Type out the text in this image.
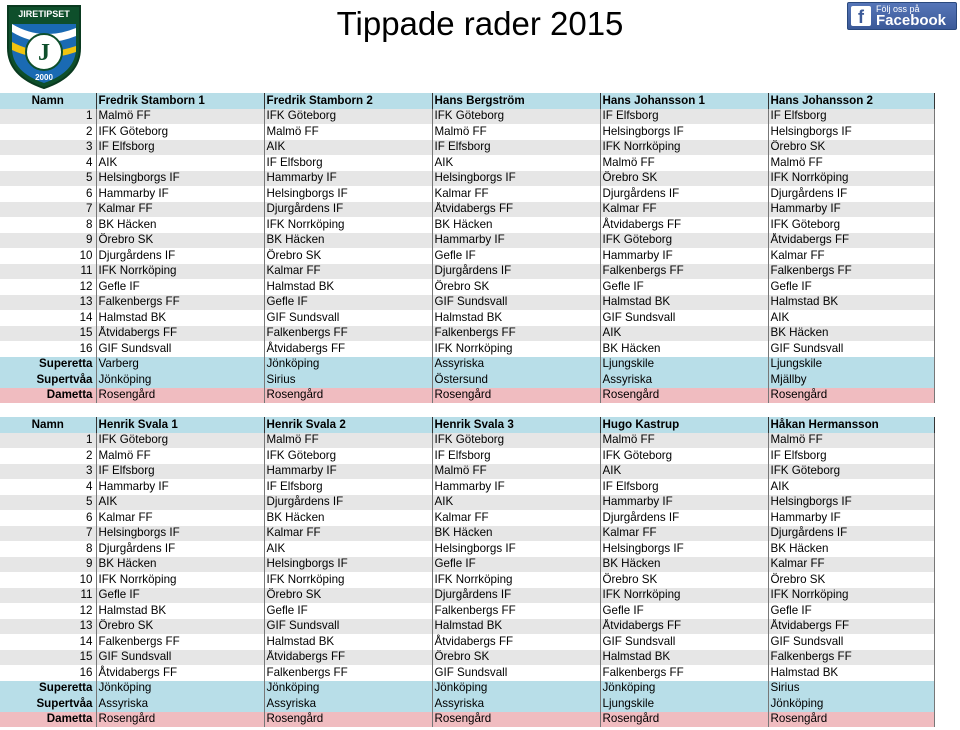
J
JIRETIPSET
2000
Tippade rader 2015	f	Följ oss på
Facebook
Namn	Fredrik Stamborn 1	Fredrik Stamborn 2	Hans Bergström	Hans Johansson 1	Hans Johansson 2
1	Malmö FF	IFK Göteborg	IFK Göteborg	IF Elfsborg	IF Elfsborg
2	IFK Göteborg	Malmö FF	Malmö FF	Helsingborgs IF	Helsingborgs IF
3	IF Elfsborg	AIK	IF Elfsborg	IFK Norrköping	Örebro SK
4	AIK	IF Elfsborg	AIK	Malmö FF	Malmö FF
5	Helsingborgs IF	Hammarby IF	Helsingborgs IF	Örebro SK	IFK Norrköping
6	Hammarby IF	Helsingborgs IF	Kalmar FF	Djurgårdens IF	Djurgårdens IF
7	Kalmar FF	Djurgårdens IF	Åtvidabergs FF	Kalmar FF	Hammarby IF
8	BK Häcken	IFK Norrköping	BK Häcken	Åtvidabergs FF	IFK Göteborg
9	Örebro SK	BK Häcken	Hammarby IF	IFK Göteborg	Åtvidabergs FF
10	Djurgårdens IF	Örebro SK	Gefle IF	Hammarby IF	Kalmar FF
11	IFK Norrköping	Kalmar FF	Djurgårdens IF	Falkenbergs FF	Falkenbergs FF
12	Gefle IF	Halmstad BK	Örebro SK	Gefle IF	Gefle IF
13	Falkenbergs FF	Gefle IF	GIF Sundsvall	Halmstad BK	Halmstad BK
14	Halmstad BK	GIF Sundsvall	Halmstad BK	GIF Sundsvall	AIK
15	Åtvidabergs FF	Falkenbergs FF	Falkenbergs FF	AIK	BK Häcken
16	GIF Sundsvall	Åtvidabergs FF	IFK Norrköping	BK Häcken	GIF Sundsvall
Superetta	Varberg	Jönköping	Assyriska	Ljungskile	Ljungskile
Supertvåa	Jönköping	Sirius	Östersund	Assyriska	Mjällby
Dametta	Rosengård	Rosengård	Rosengård	Rosengård	Rosengård
Namn	Henrik Svala 1	Henrik Svala 2	Henrik Svala 3	Hugo Kastrup	Håkan Hermansson
1	IFK Göteborg	Malmö FF	IFK Göteborg	Malmö FF	Malmö FF
2	Malmö FF	IFK Göteborg	IF Elfsborg	IFK Göteborg	IF Elfsborg
3	IF Elfsborg	Hammarby IF	Malmö FF	AIK	IFK Göteborg
4	Hammarby IF	IF Elfsborg	Hammarby IF	IF Elfsborg	AIK
5	AIK	Djurgårdens IF	AIK	Hammarby IF	Helsingborgs IF
6	Kalmar FF	BK Häcken	Kalmar FF	Djurgårdens IF	Hammarby IF
7	Helsingborgs IF	Kalmar FF	BK Häcken	Kalmar FF	Djurgårdens IF
8	Djurgårdens IF	AIK	Helsingborgs IF	Helsingborgs IF	BK Häcken
9	BK Häcken	Helsingborgs IF	Gefle IF	BK Häcken	Kalmar FF
10	IFK Norrköping	IFK Norrköping	IFK Norrköping	Örebro SK	Örebro SK
11	Gefle IF	Örebro SK	Djurgårdens IF	IFK Norrköping	IFK Norrköping
12	Halmstad BK	Gefle IF	Falkenbergs FF	Gefle IF	Gefle IF
13	Örebro SK	GIF Sundsvall	Halmstad BK	Åtvidabergs FF	Åtvidabergs FF
14	Falkenbergs FF	Halmstad BK	Åtvidabergs FF	GIF Sundsvall	GIF Sundsvall
15	GIF Sundsvall	Åtvidabergs FF	Örebro SK	Halmstad BK	Falkenbergs FF
16	Åtvidabergs FF	Falkenbergs FF	GIF Sundsvall	Falkenbergs FF	Halmstad BK
Superetta	Jönköping	Jönköping	Jönköping	Jönköping	Sirius
Supertvåa	Assyriska	Assyriska	Assyriska	Ljungskile	Jönköping
Dametta	Rosengård	Rosengård	Rosengård	Rosengård	Rosengård
